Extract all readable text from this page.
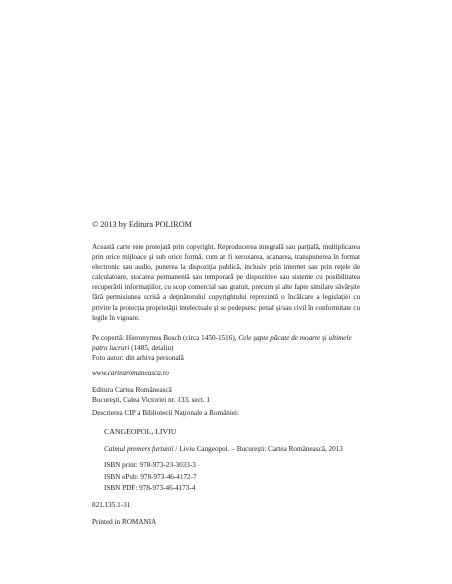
© 2013 by Editura POLIROM
Această carte este protejată prin copyright. Reproducerea integrală sau parţială, multiplicarea prin orice mijloace şi sub orice formă, cum ar fi xeroxarea, scanarea, transpunerea în format electronic sau audio, punerea la dispoziţia publică, inclusiv prin internet sau prin reţele de calculatoare, stocarea permanentă sau temporară pe dispozitive sau sisteme cu posibilitatea recuperării informaţiilor, cu scop comercial sau gratuit, precum şi alte fapte similare săvârşite fără permisiunea scrisă a deţinătorului copyrightului reprezintă o încălcare a legislaţiei cu privire la protecţia proprietăţii intelectuale şi se pedepsesc penal şi/sau civil în conformitate cu legile în vigoare.
Pe copertă: Hieronymus Bosch (circa 1450-1516), Cele şapte păcate de moarte şi ultimele patru lucruri (1485, detaliu)
Foto autor: din arhiva personală
www.cartearomaneasca.ro
Editura Cartea Românească
Bucureşti, Calea Victoriei nr. 133, sect. 1
Descrierea CIP a Bibliotecii Naţionale a României:
CANGEOPOL, LIVIU
Calmul premers furtunii / Liviu Cangeopol. – Bucureşti: Cartea Românească, 2013
ISBN print: 978-973-23-3033-3
ISBN ePub: 978-973-46-4172-7
ISBN PDF: 978-973-46-4173-4
821.135.1-31
Printed in ROMANIA
